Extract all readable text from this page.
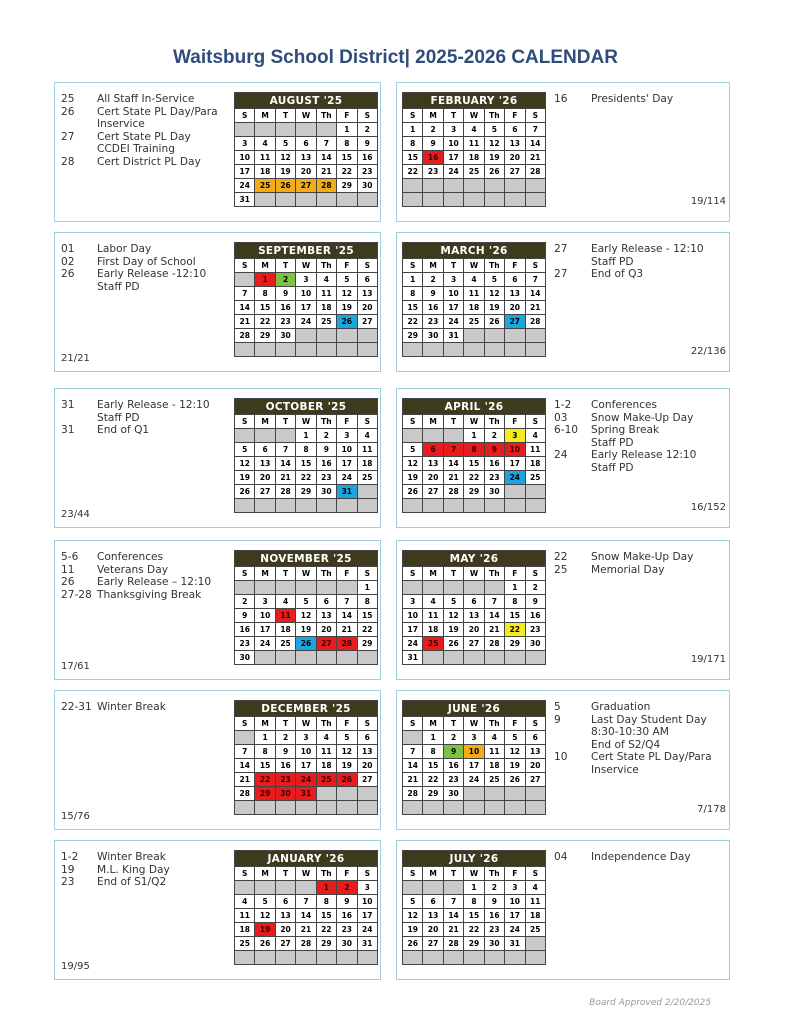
Waitsburg School District| 2025-2026 CALENDAR
AUGUST '25						
S	M	T	W	Th	F	S
					1	2
3	4	5	6	7	8	9
10	11	12	13	14	15	16
17	18	19	20	21	22	23
24	25	26	27	28	29	30
31						
25 All Staff In-Service
26 Cert State PL Day/Para
Inservice
27 Cert State PL Day
CCDEI Training
28 Cert District PL Day
SEPTEMBER '25						
S	M	T	W	Th	F	S
	1	2	3	4	5	6
7	8	9	10	11	12	13
14	15	16	17	18	19	20
21	22	23	24	25	26	27
28	29	30				

01 Labor Day
02 First Day of School
26 Early Release -12:10
Staff PD
21/21
OCTOBER '25						
S	M	T	W	Th	F	S
			1	2	3	4
5	6	7	8	9	10	11
12	13	14	15	16	17	18
19	20	21	22	23	24	25
26	27	28	29	30	31	

31 Early Release - 12:10
Staff PD
31 End of Q1
23/44
NOVEMBER '25						
S	M	T	W	Th	F	S
						1
2	3	4	5	6	7	8
9	10	11	12	13	14	15
16	17	18	19	20	21	22
23	24	25	26	27	28	29
30						
5-6 Conferences
11 Veterans Day
26 Early Release – 12:10
27-28 Thanksgiving Break
17/61
DECEMBER '25						
S	M	T	W	Th	F	S
	1	2	3	4	5	6
7	8	9	10	11	12	13
14	15	16	17	18	19	20
21	22	23	24	25	26	27
28	29	30	31			

22-31 Winter Break
15/76
JANUARY '26						
S	M	T	W	Th	F	S
				1	2	3
4	5	6	7	8	9	10
11	12	13	14	15	16	17
18	19	20	21	22	23	24
25	26	27	28	29	30	31

1-2 Winter Break
19 M.L. King Day
23 End of S1/Q2
19/95
FEBRUARY '26						
S	M	T	W	Th	F	S
1	2	3	4	5	6	7
8	9	10	11	12	13	14
15	16	17	18	19	20	21
22	23	24	25	26	27	28

16 Presidents' Day
19/114
MARCH '26						
S	M	T	W	Th	F	S
1	2	3	4	5	6	7
8	9	10	11	12	13	14
15	16	17	18	19	20	21
22	23	24	25	26	27	28
29	30	31				

27 Early Release - 12:10
Staff PD
27 End of Q3
22/136
APRIL '26						
S	M	T	W	Th	F	S
			1	2	3	4
5	6	7	8	9	10	11
12	13	14	15	16	17	18
19	20	21	22	23	24	25
26	27	28	29	30		

1-2 Conferences
03 Snow Make-Up Day
6-10 Spring Break
Staff PD
24 Early Release 12:10
Staff PD
16/152
MAY '26						
S	M	T	W	Th	F	S
					1	2
3	4	5	6	7	8	9
10	11	12	13	14	15	16
17	18	19	20	21	22	23
24	25	26	27	28	29	30
31						
22 Snow Make-Up Day
25 Memorial Day
19/171
JUNE '26						
S	M	T	W	Th	F	S
	1	2	3	4	5	6
7	8	9	10	11	12	13
14	15	16	17	18	19	20
21	22	23	24	25	26	27
28	29	30				

5	Graduation
9	Last Day Student Day
8:30-10:30 AM
End of S2/Q4
10 Cert State PL Day/Para
Inservice
7/178
JULY '26						
S	M	T	W	Th	F	S
			1	2	3	4
5	6	7	8	9	10	11
12	13	14	15	16	17	18
19	20	21	22	23	24	25
26	27	28	29	30	31	

04 Independence Day
Board Approved 2/20/2025
